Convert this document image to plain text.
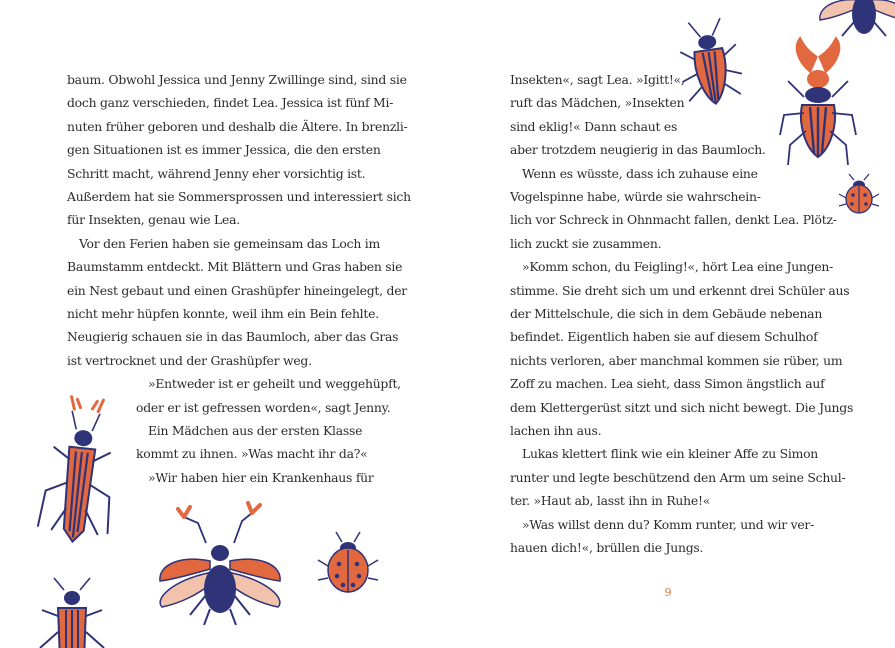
baum. Obwohl Jessica und Jenny Zwillinge sind, sind sie
doch ganz verschieden, findet Lea. Jessica ist fünf Mi-
nuten früher geboren und deshalb die Ältere. In brenzli-
gen Situationen ist es immer Jessica, die den ersten
Schritt macht, während Jenny eher vorsichtig ist.
Außerdem hat sie Sommersprossen und interessiert sich
für Insekten, genau wie Lea.
Vor den Ferien haben sie gemeinsam das Loch im
Baumstamm entdeckt. Mit Blättern und Gras haben sie
ein Nest gebaut und einen Grashüpfer hineingelegt, der
nicht mehr hüpfen konnte, weil ihm ein Bein fehlte.
Neugierig schauen sie in das Baumloch, aber das Gras
ist vertrocknet und der Grashüpfer weg.
»Entweder ist er geheilt und weggehüpft,
oder er ist gefressen worden«, sagt Jenny.
Ein Mädchen aus der ersten Klasse
kommt zu ihnen. »Was macht ihr da?«
»Wir haben hier ein Krankenhaus für
Insekten«, sagt Lea. »Igitt!«,
ruft das Mädchen, »Insekten
sind eklig!« Dann schaut es
aber trotzdem neugierig in das Baumloch.
Wenn es wüsste, dass ich zuhause eine
Vogelspinne habe, würde sie wahrschein-
lich vor Schreck in Ohnmacht fallen, denkt Lea. Plötz-
lich zuckt sie zusammen.
»Komm schon, du Feigling!«, hört Lea eine Jungen-
stimme. Sie dreht sich um und erkennt drei Schüler aus
der Mittelschule, die sich in dem Gebäude nebenan
befindet. Eigentlich haben sie auf diesem Schulhof
nichts verloren, aber manchmal kommen sie rüber, um
Zoff zu machen. Lea sieht, dass Simon ängstlich auf
dem Klettergerüst sitzt und sich nicht bewegt. Die Jungs
lachen ihn aus.
Lukas klettert flink wie ein kleiner Affe zu Simon
runter und legte beschützend den Arm um seine Schul-
ter. »Haut ab, lasst ihn in Ruhe!«
»Was willst denn du? Komm runter, und wir ver-
hauen dich!«, brüllen die Jungs.
9
